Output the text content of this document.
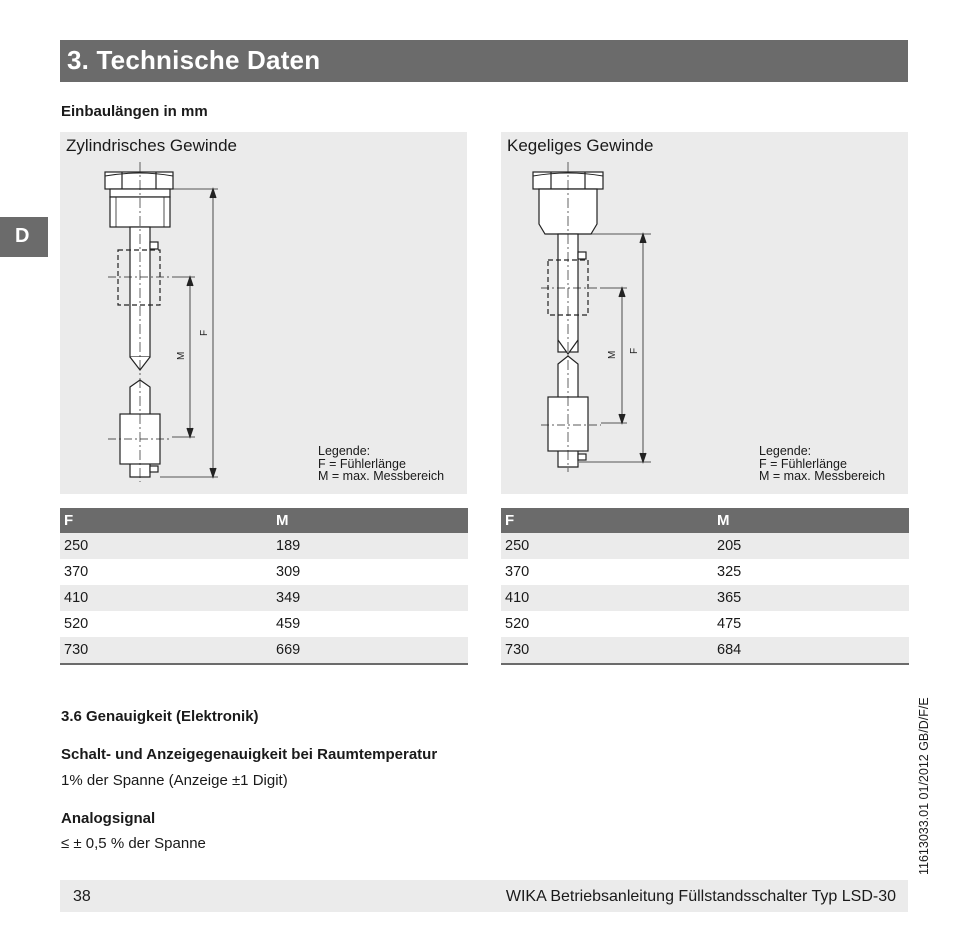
3. Technische Daten
D
Einbaulängen in mm
Zylindrisches Gewinde
M
F
Legende:
F = Fühlerlänge
M = max. Messbereich
Kegeliges Gewinde
M F
Legende:
F = Fühlerlänge
M = max. Messbereich
F	M
250	189
370	309
410	349
520	459
730	669
F	M
250	205
370	325
410	365
520	475
730	684
3.6 Genauigkeit (Elektronik)
Schalt- und Anzeigegenauigkeit bei Raumtemperatur
1% der Spanne (Anzeige ±1 Digit)
Analogsignal
≤ ± 0,5 % der Spanne	11613033.01 01/2012 GB/D/F/E
38	WIKA Betriebsanleitung Füllstandsschalter Typ LSD-30
